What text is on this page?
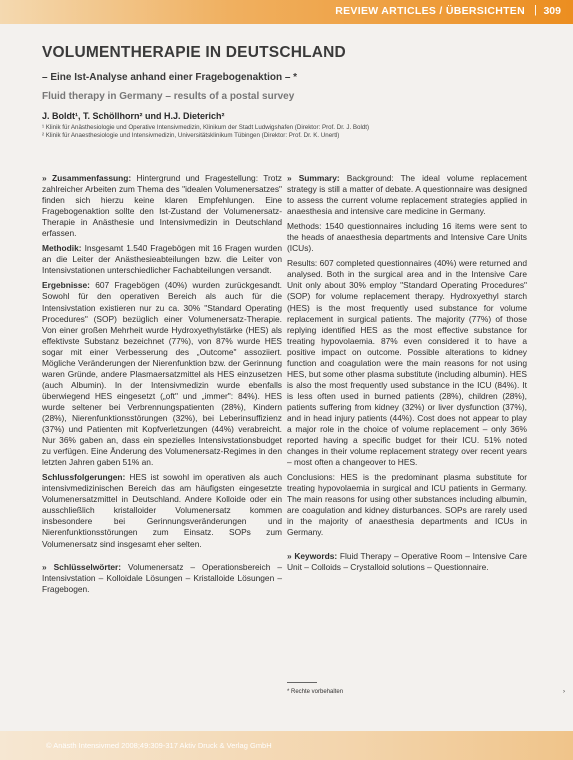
REVIEW ARTICLES / ÜBERSICHTEN | 309
VOLUMENTHERAPIE IN DEUTSCHLAND
– Eine Ist-Analyse anhand einer Fragebogenaktion – *
Fluid therapy in Germany – results of a postal survey
J. Boldt¹, T. Schöllhorn² und H.J. Dieterich²
¹ Klinik für Anästhesiologie und Operative Intensivmedizin, Klinikum der Stadt Ludwigshafen (Direktor: Prof. Dr. J. Boldt)
² Klinik für Anaesthesiologie und Intensivmedizin, Universitätsklinikum Tübingen (Direktor: Prof. Dr. K. Unertl)

» Zusammenfassung: Hintergrund und Fragestellung: Trotz zahlreicher Arbeiten zum Thema des "idealen Volumenersatzes" finden sich hierzu keine klaren Empfehlungen. Eine Fragebogenaktion sollte den Ist-Zustand der Volumenersatz-Therapie in Anästhesie und Intensivmedizin in Deutschland erfassen.

Methodik: Insgesamt 1.540 Fragebögen mit 16 Fragen wurden an die Leiter der Anästhesieabteilungen bzw. die Leiter von Intensivstationen unterschiedlicher Fachabteilungen versandt.

Ergebnisse: 607 Fragebögen (40%) wurden zurückgesandt. Sowohl für den operativen Bereich als auch für die Intensivstation existieren nur zu ca. 30% "Standard Operating Procedures" (SOP) bezüglich einer Volumenersatz-Therapie. Von einer großen Mehrheit wurde Hydroxyethylstärke (HES) als effektivste Substanz bezeichnet (77%), von 87% wurde HES sogar mit einer Verbesserung des „Outcome" assoziiert. Mögliche Veränderungen der Nierenfunktion bzw. der Gerinnung waren Gründe, andere Plasmaersatzmittel als HES einzusetzen (auch Albumin). In der Intensivmedizin wurde ebenfalls überwiegend HES eingesetzt („oft" und „immer": 84%). HES wurde seltener bei Verbrennungspatienten (28%), Kindern (28%), Nierenfunktionsstörungen (32%), bei Leberinsuffizienz (37%) und Patienten mit Kopfverletzungen (44%) verabreicht. Nur 36% gaben an, dass ein spezielles Intensivstationsbudget zu verfügen. Eine Änderung des Volumenersatz-Regimes in den letzten Jahren gaben 51% an.

Schlussfolgerungen: HES ist sowohl im operativen als auch intensivmedizinischen Bereich das am häufigsten eingesetzte Volumenersatzmittel in Deutschland. Andere Kolloide oder ein ausschließlich kristalloider Volumenersatz kommen insbesondere bei Gerinnungsveränderungen und Nierenfunktionsstörungen zum Einsatz. SOPs zum Volumenersatz sind insgesamt eher selten.

» Schlüsselwörter: Volumenersatz – Operationsbereich – Intensivstation – Kolloidale Lösungen – Kristalloide Lösungen – Fragebogen.

» Summary: Background: The ideal volume replacement strategy is still a matter of debate. A questionnaire was designed to assess the current volume replacement strategies applied in anaesthesia and intensive care medicine in Germany.

Methods: 1540 questionnaires including 16 items were sent to the heads of anaesthesia departments and Intensive Care Units (ICUs).

Results: 607 completed questionnaires (40%) were returned and analysed. Both in the surgical area and in the Intensive Care Unit only about 30% employ "Standard Operating Procedures" (SOP) for volume replacement therapy. Hydroxyethyl starch (HES) is the most frequently used substance for volume replacement in surgical patients. The majority (77%) of those replying identified HES as the most effective substance for treating hypovolaemia. 87% even considered it to have a positive impact on outcome. Possible alterations to kidney function and coagulation were the main reasons for not using HES, but some other plasma substitute (including albumin). HES is also the most frequently used substance in the ICU (84%). It is less often used in burned patients (28%), children (28%), patients suffering from kidney (32%) or liver dysfunction (37%), and in head injury patients (44%). Cost does not appear to play a major role in the choice of volume replacement – only 36% reported having a specific budget for their ICU. 51% noted changes in their volume replacement strategy over recent years – most often a changeover to HES.

Conclusions: HES is the predominant plasma substitute for treating hypovolaemia in surgical and ICU patients in Germany. The main reasons for using other substances including albumin, are coagulation and kidney disturbances. SOPs are rarely used in the majority of anaesthesia departments and ICUs in Germany.

» Keywords: Fluid Therapy – Operative Room – Intensive Care Unit – Colloids – Crystalloid solutions – Questionnaire.

* Rechte vorbehalten	›
© Anästh Intensivmed 2008;49:309-317 Aktiv Druck & Verlag GmbH
